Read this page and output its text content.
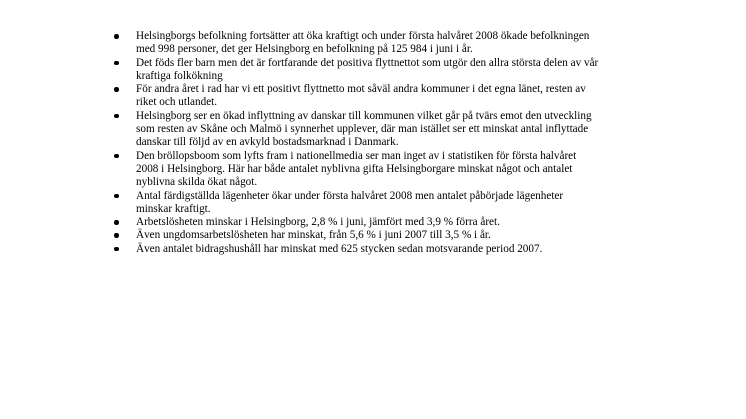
Helsingborgs befolkning fortsätter att öka kraftigt och under första halvåret 2008 ökade befolkningen
med 998 personer, det ger Helsingborg en befolkning på 125 984 i juni i år.
Det föds fler barn men det är fortfarande det positiva flyttnettot som utgör den allra största delen av vår
kraftiga folkökning
För andra året i rad har vi ett positivt flyttnetto mot såväl andra kommuner i det egna länet, resten av
riket och utlandet.
Helsingborg ser en ökad inflyttning av danskar till kommunen vilket går på tvärs emot den utveckling
som resten av Skåne och Malmö i synnerhet upplever, där man istället ser ett minskat antal inflyttade
danskar till följd av en avkyld bostadsmarknad i Danmark.
Den bröllopsboom som lyfts fram i nationellmedia ser man inget av i statistiken för första halvåret
2008 i Helsingborg. Här har både antalet nyblivna gifta Helsingborgare minskat något och antalet
nyblivna skilda ökat något.
Antal färdigställda lägenheter ökar under första halvåret 2008 men antalet påbörjade lägenheter
minskar kraftigt.
Arbetslösheten minskar i Helsingborg, 2,8 % i juni, jämfört med 3,9 % förra året.
Även ungdomsarbetslösheten har minskat, från 5,6 % i juni 2007 till 3,5 % i år.
Även antalet bidragshushåll har minskat med 625 stycken sedan motsvarande period 2007.
